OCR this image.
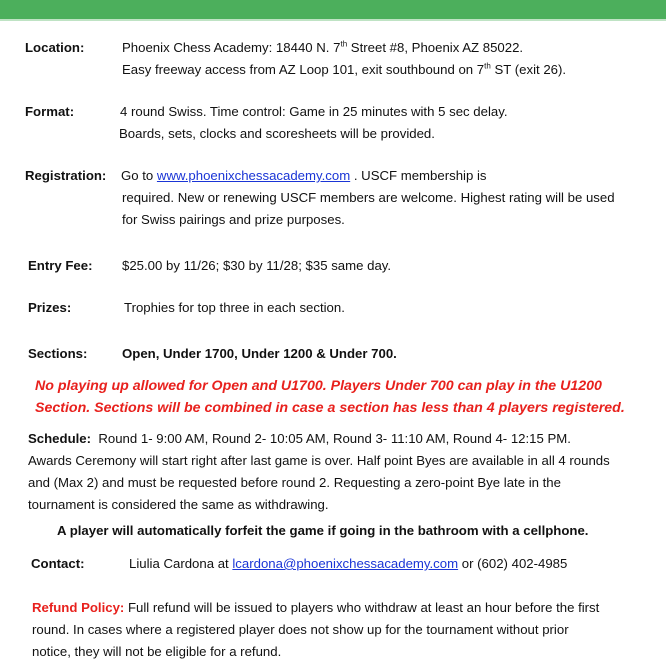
Location:	Phoenix Chess Academy: 18440 N. 7th Street #8, Phoenix AZ 85022.
Easy freeway access from AZ Loop 101, exit southbound on 7th ST (exit 26).
Format:	4 round Swiss. Time control: Game in 25 minutes with 5 sec delay.
Boards, sets, clocks and scoresheets will be provided.
Registration: Go to www.phoenixchessacademy.com . USCF membership is
required. New or renewing USCF members are welcome. Highest rating will be used
for Swiss pairings and prize purposes.
Entry Fee: $25.00 by 11/26; $30 by 11/28; $35 same day.
Prizes:	Trophies for top three in each section.
Sections:	Open, Under 1700, Under 1200 & Under 700.
No playing up allowed for Open and U1700. Players Under 700 can play in the U1200
Section. Sections will be combined in case a section has less than 4 players registered.
Schedule: Round 1- 9:00 AM, Round 2- 10:05 AM, Round 3- 11:10 AM, Round 4- 12:15 PM.
Awards Ceremony will start right after last game is over. Half point Byes are available in all 4 rounds
and (Max 2) and must be requested before round 2. Requesting a zero-point Bye late in the
tournament is considered the same as withdrawing.
A player will automatically forfeit the game if going in the bathroom with a cellphone.
Contact:	Liulia Cardona at lcardona@phoenixchessacademy.com or (602) 402-4985
Refund Policy: Full refund will be issued to players who withdraw at least an hour before the first
round. In cases where a registered player does not show up for the tournament without prior
notice, they will not be eligible for a refund.
